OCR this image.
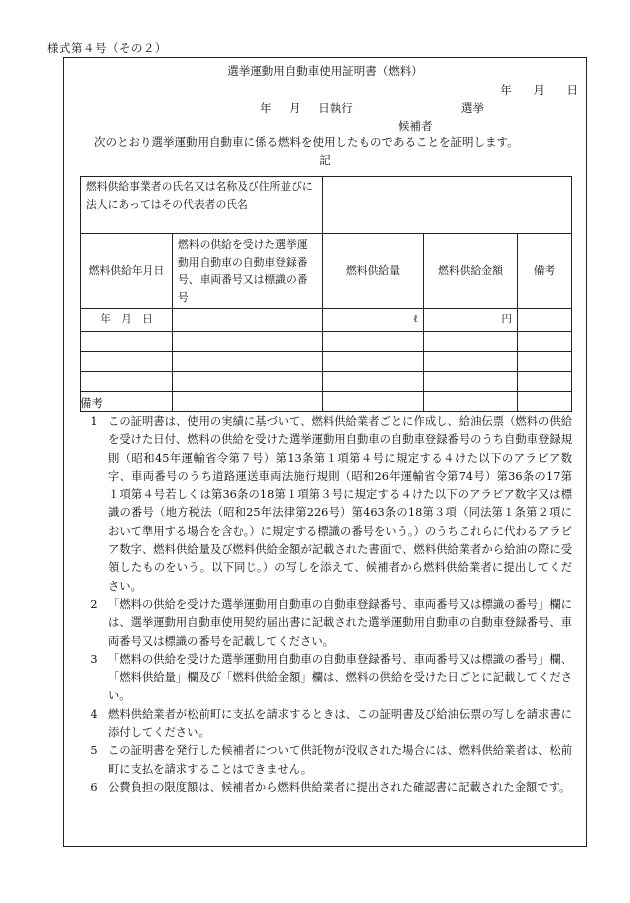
様式第４号（その２）
選挙運動用自動車使用証明書（燃料）
年 月 日
年 月 日執行	選挙
候補者
次のとおり選挙運動用自動車に係る燃料を使用したものであることを証明します。
記
燃料供給事業者の氏名又は名称及び住所並びに法人にあってはその代表者の氏名				
燃料供給年月日	燃料の供給を受けた選挙運動用自動車の自動車登録番号、車両番号又は標識の番号	燃料供給量	燃料供給金額	備考
年　月　日		ℓ	円	

備考
1 この証明書は、使用の実績に基づいて、燃料供給業者ごとに作成し、給油伝票（燃料の供給を受けた日付、燃料の供給を受けた選挙運動用自動車の自動車登録番号のうち自動車登録規則（昭和45年運輸省令第７号）第13条第１項第４号に規定する４けた以下のアラビア数字、車両番号のうち道路運送車両法施行規則（昭和26年運輸省令第74号）第36条の17第１項第４号若しくは第36条の18第１項第３号に規定する４けた以下のアラビア数字又は標識の番号（地方税法（昭和25年法律第226号）第463条の18第３項（同法第１条第２項において準用する場合を含む。）に規定する標識の番号をいう。）のうちこれらに代わるアラビア数字、燃料供給量及び燃料供給金額が記載された書面で、燃料供給業者から給油の際に受領したものをいう。以下同じ。）の写しを添えて、候補者から燃料供給業者に提出してください。
2 「燃料の供給を受けた選挙運動用自動車の自動車登録番号、車両番号又は標識の番号」欄には、選挙運動用自動車使用契約届出書に記載された選挙運動用自動車の自動車登録番号、車両番号又は標識の番号を記載してください。
3 「燃料の供給を受けた選挙運動用自動車の自動車登録番号、車両番号又は標識の番号」欄、「燃料供給量」欄及び「燃料供給金額」欄は、燃料の供給を受けた日ごとに記載してください。
4 燃料供給業者が松前町に支払を請求するときは、この証明書及び給油伝票の写しを請求書に添付してください。
5 この証明書を発行した候補者について供託物が没収された場合には、燃料供給業者は、松前町に支払を請求することはできません。
6 公費負担の限度額は、候補者から燃料供給業者に提出された確認書に記載された金額です。
